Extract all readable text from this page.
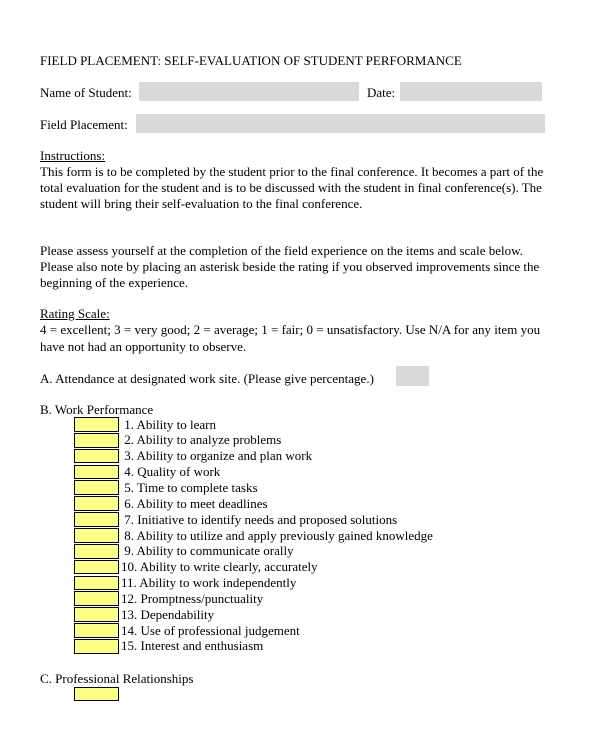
FIELD PLACEMENT: SELF-EVALUATION OF STUDENT PERFORMANCE
Name of Student:	Date:
Field Placement:
Instructions:
This form is to be completed by the student prior to the final conference. It becomes a part of the
total evaluation for the student and is to be discussed with the student in final conference(s). The
student will bring their self-evaluation to the final conference.
Please assess yourself at the completion of the field experience on the items and scale below.
Please also note by placing an asterisk beside the rating if you observed improvements since the
beginning of the experience.
Rating Scale:
4 = excellent; 3 = very good; 2 = average; 1 = fair; 0 = unsatisfactory. Use N/A for any item you
have not had an opportunity to observe.
A. Attendance at designated work site. (Please give percentage.)
B. Work Performance
1. Ability to learn
2. Ability to analyze problems
3. Ability to organize and plan work
4. Quality of work
5. Time to complete tasks
6. Ability to meet deadlines
7. Initiative to identify needs and proposed solutions
8. Ability to utilize and apply previously gained knowledge
9. Ability to communicate orally
10. Ability to write clearly, accurately
11. Ability to work independently
12. Promptness/punctuality
13. Dependability
14. Use of professional judgement
15. Interest and enthusiasm
C. Professional Relationships
